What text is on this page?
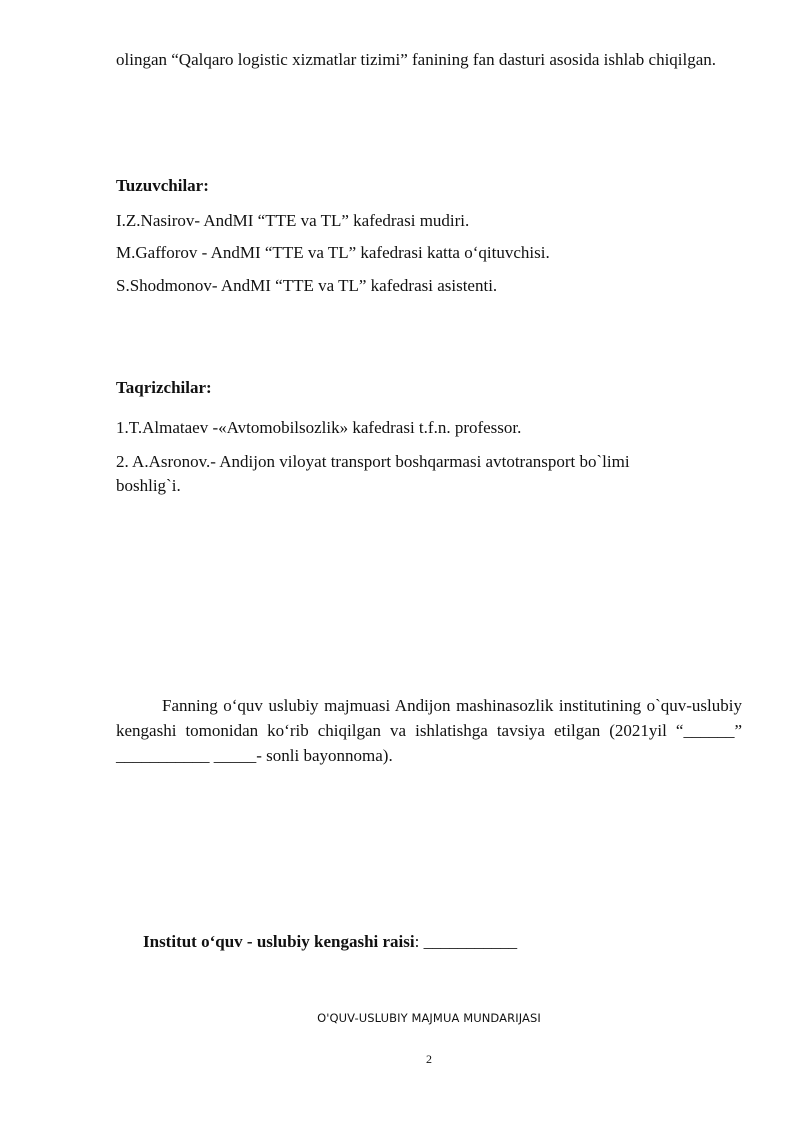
olingan “Qalqaro logistic xizmatlar tizimi” fanining fan dasturi asosida ishlab chiqilgan.

Tuzuvchilar:

I.Z.Nasirov- AndMI “TTE va TL” kafedrasi mudiri.

M.Gafforov - AndMI “TTE va TL” kafedrasi katta o‘qituvchisi.

S.Shodmonov- AndMI “TTE va TL” kafedrasi asistenti.

Taqrizchilar:

1.T.Almataev -«Avtomobilsozlik» kafedrasi t.f.n. professor.

2. A.Asronov.- Andijon viloyat transport boshqarmasi avtotransport bo`limi boshlig`i.

Fanning o‘quv uslubiy majmuasi Andijon mashinasozlik institutining o`quv-uslubiy kengashi tomonidan ko‘rib chiqilgan va ishlatishga tavsiya etilgan (2021yil “______” ___________ _____- sonli bayonnoma).

Institut o‘quv - uslubiy kengashi raisi: ___________

O'QUV-USLUBIY MAJMUA MUNDARIJASI

2
